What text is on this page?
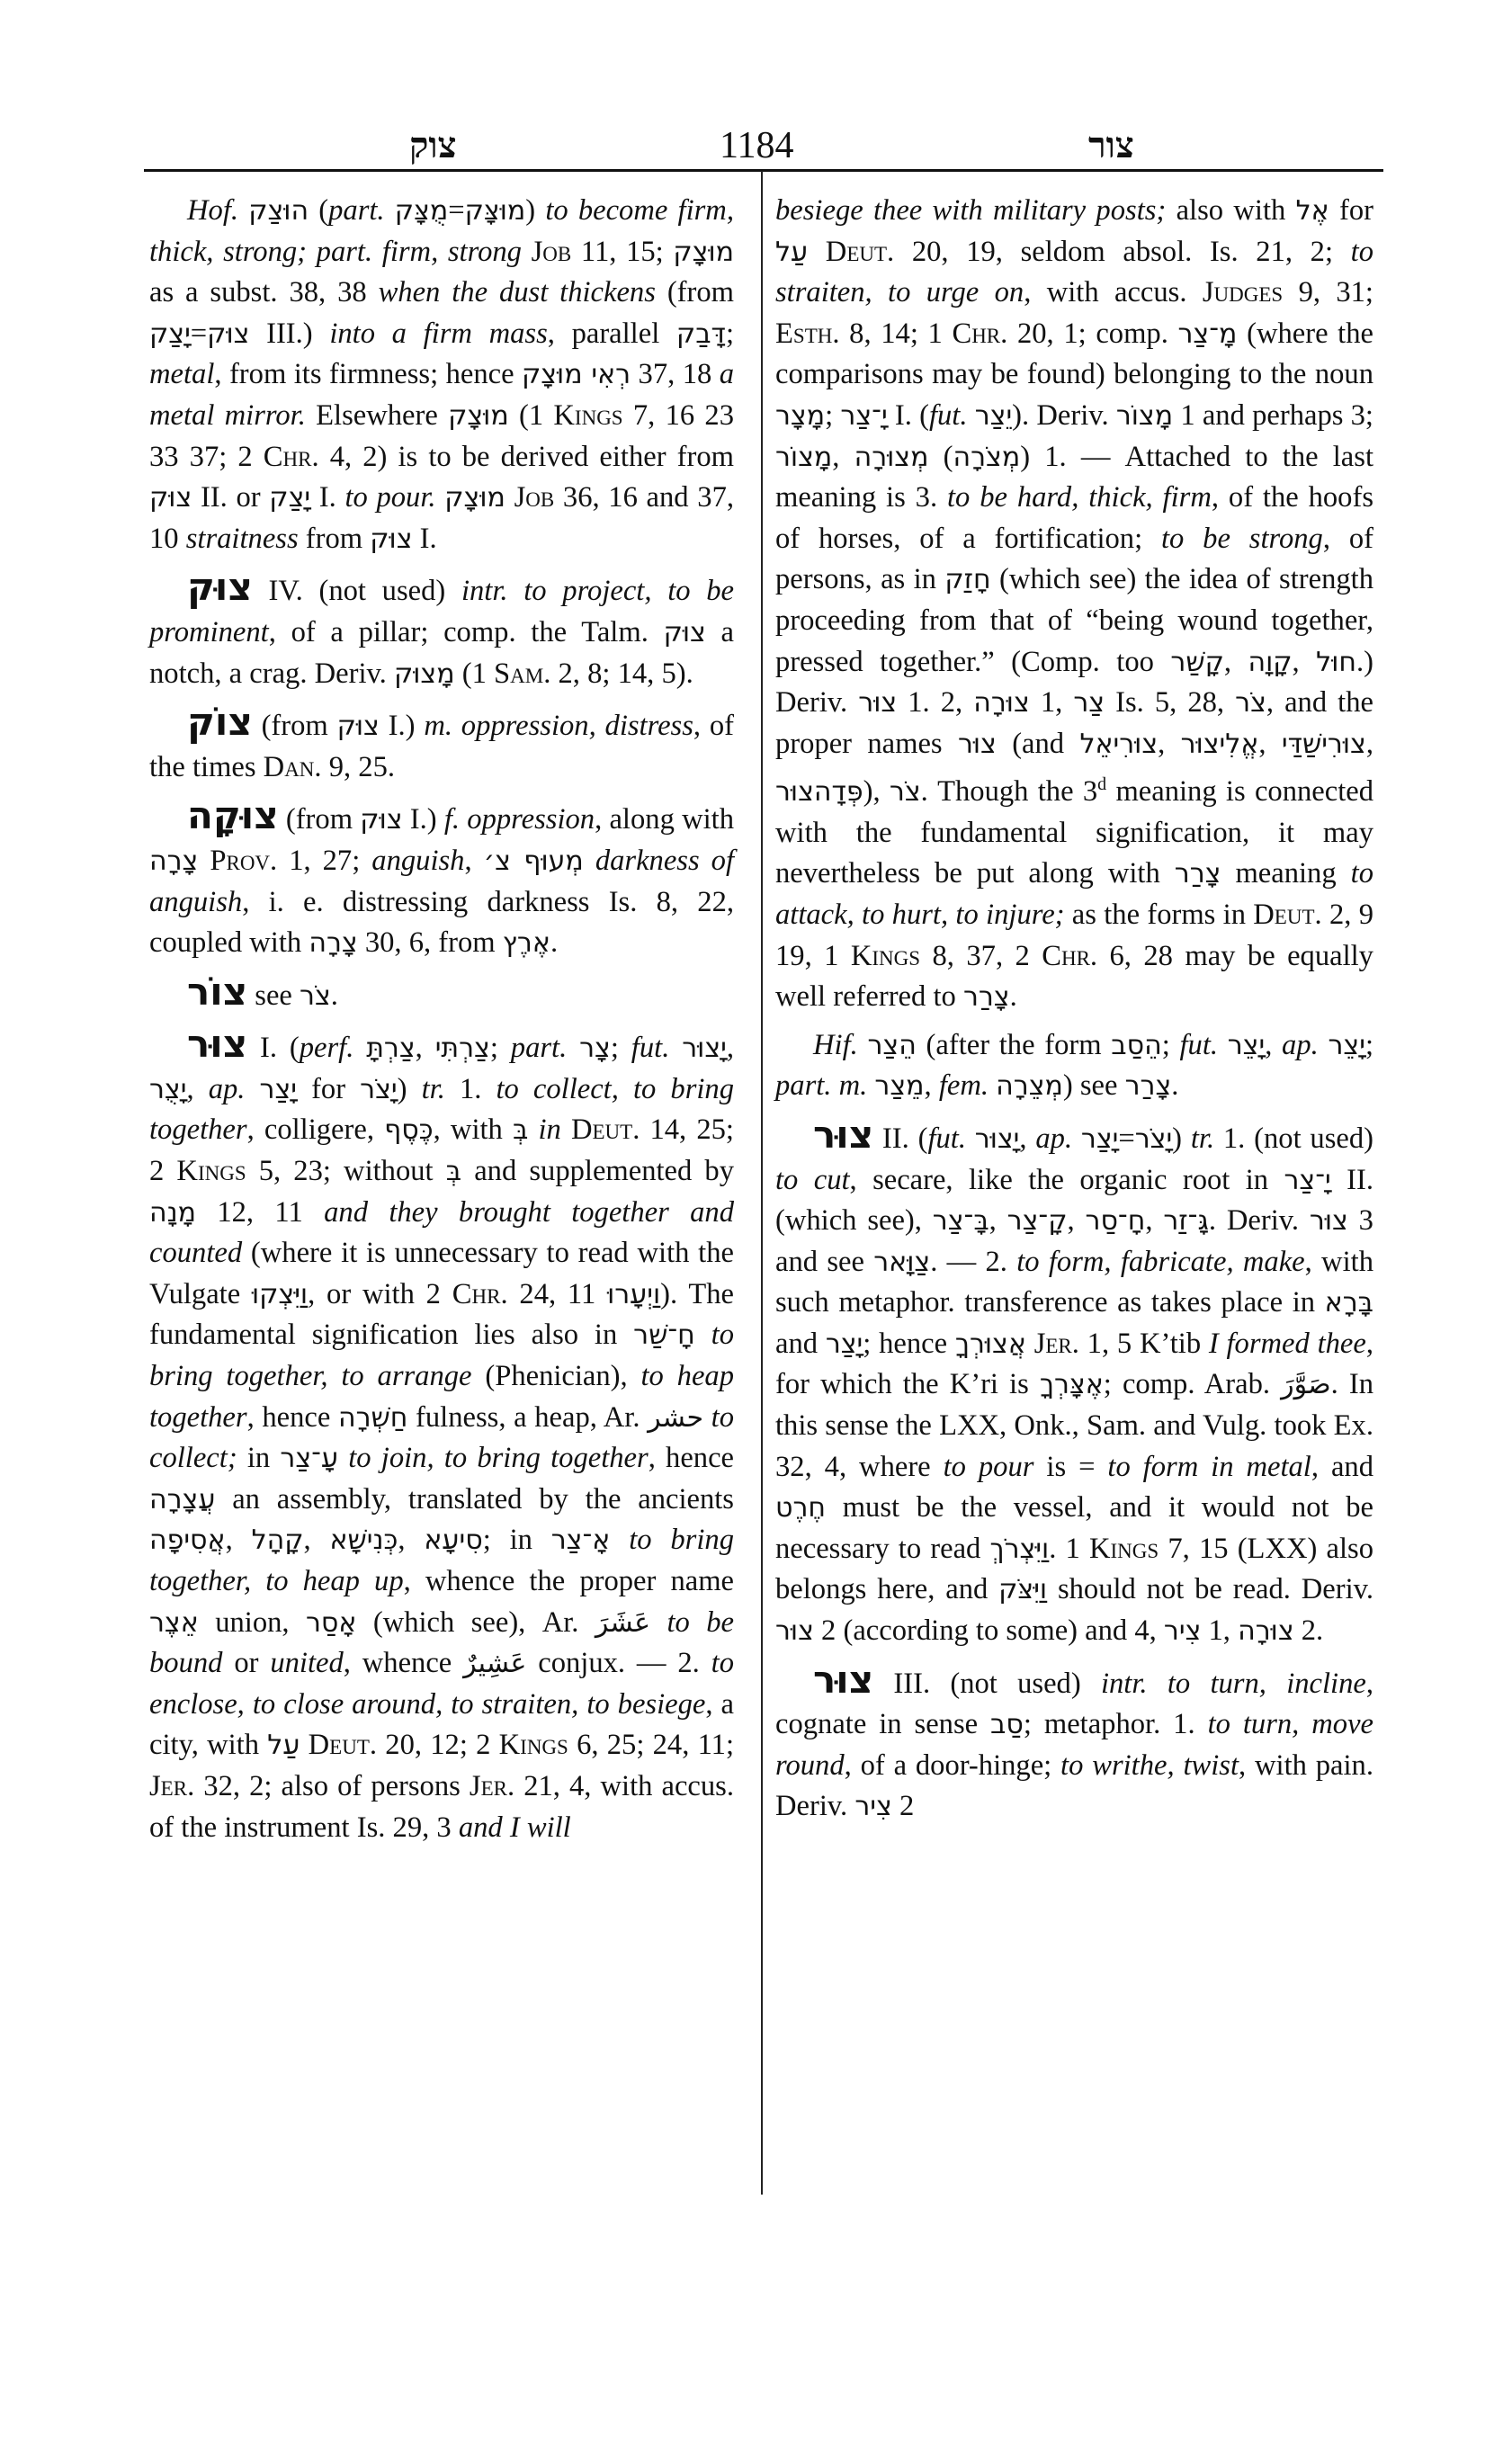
צוק	1184	צור

Hof. הוּצַק (part. מֻצָּק=מוּצָּק) to become firm, thick, strong; part. firm, strong Job 11, 15; מוּצָק as a subst. 38, 38 when the dust thickens (from יָצַק=צוּק III.) into a firm mass, parallel דָּבַק; metal, from its firmness; hence רְאִי מוּצָק 37, 18 a metal mirror. Elsewhere מוּצָק (1 Kings 7, 16 23 33 37; 2 Chr. 4, 2) is to be derived either from צוּק II. or יָצַק I. to pour. מוּצָק Job 36, 16 and 37, 10 straitness from צוּק I.

צוּק IV. (not used) intr. to project, to be prominent, of a pillar; comp. the Talm. צוּק a notch, a crag. Deriv. מָצוּק (1 Sam. 2, 8; 14, 5).

צוֹק (from צוּק I.) m. oppression, distress, of the times Dan. 9, 25.

צוּקָה (from צוּק I.) f. oppression, along with צָרָה Prov. 1, 27; anguish, מְעוּף צ׳ darkness of anguish, i. e. distressing darkness Is. 8, 22, coupled with צָרָה 30, 6, from אֶרֶץ.

צוֹר see צֹר.

צוּר I. (perf. צַרְתָּ, צַרְתִּי; part. צָר; fut. יָצוּר, יָצֻר, ap. יָצַר for יָצֹר) tr. 1. to collect, to bring together, colligere, כֶּסֶף, with בְּ in Deut. 14, 25; 2 Kings 5, 23; without בְּ and supplemented by מָנָה 12, 11 and they brought together and counted (where it is unnecessary to read with the Vulgate וַיִּצְקוּ, or with 2 Chr. 24, 11 וַיְעָרוּ). The fundamental signification lies also in חָ־שַׁר to bring together, to arrange (Phenician), to heap together, hence חַשְׁרָה fulness, a heap, Ar. حشر to collect; in עָ־צַר to join, to bring together, hence עֲצָרָה an assembly, translated by the ancients אֲסִיפָה, קָהָל, כְּנִישָׁא, סִיעָא; in אָ־צַר to bring together, to heap up, whence the proper name אֵצֶר union, אָסַר (which see), Ar. عَشَرَ to be bound or united, whence عَشِيرٌ conjux. — 2. to enclose, to close around, to straiten, to besiege, a city, with עַל Deut. 20, 12; 2 Kings 6, 25; 24, 11; Jer. 32, 2; also of persons Jer. 21, 4, with accus. of the instrument Is. 29, 3 and I will

besiege thee with military posts; also with אֶל for עַל Deut. 20, 19, seldom absol. Is. 21, 2; to straiten, to urge on, with accus. Judges 9, 31; Esth. 8, 14; 1 Chr. 20, 1; comp. מָ־צַר (where the comparisons may be found) belonging to the noun מָצָר; יָ־צַר I. (fut. יֵצַר). Deriv. מָצוֹר 1 and perhaps 3; מָצוֹר, מְצוּרָה (מְצֹרָה) 1. — Attached to the last meaning is 3. to be hard, thick, firm, of the hoofs of horses, of a fortification; to be strong, of persons, as in חָזַק (which see) the idea of strength proceeding from that of “being wound together, pressed together.” (Comp. too קָשַׁר, קָוָה, חוּל.) Deriv. צוּר 1. 2, צוּרָה 1, צַר Is. 5, 28, צֹר, and the proper names צוּר (and צוּרִיאֵל, אֱלִיצוּר, צוּרִישַׁדַּי, פְּדָהצוּר), צֹר. Though the 3$^d$ meaning is connected with the fundamental signification, it may nevertheless be put along with צָרַר meaning to attack, to hurt, to injure; as the forms in Deut. 2, 9 19, 1 Kings 8, 37, 2 Chr. 6, 28 may be equally well referred to צָרַר.

Hif. הֵצַר (after the form הֵסַב; fut. יָצֵר, ap. יָצֵר; part. m. מֵצַר, fem. מְצֵרָה) see צָרַר.

צוּר II. (fut. יָצוּר, ap. יָצַר=יָצֹר) tr. 1. (not used) to cut, secare, like the organic root in יָ־צַר II. (which see), בָּ־צַר, קָ־צַר, חָ־סַר, גָּ־זַר. Deriv. צוּר 3 and see צַוָּאר. — 2. to form, fabricate, make, with such metaphor. transference as takes place in בָּרָא and יָצַר; hence אֲצוּרְךָ Jer. 1, 5 K’tib I formed thee, for which the K’ri is אֶצָּרְךָ; comp. Arab. صَوَّرَ. In this sense the LXX, Onk., Sam. and Vulg. took Ex. 32, 4, where to pour is = to form in metal, and חֶרֶט must be the vessel, and it would not be necessary to read וַיִּצְרֹךְ. 1 Kings 7, 15 (LXX) also belongs here, and וַיִּצֹּק should not be read. Deriv. צוּר 2 (according to some) and 4, צִיר 1, צוּרָה 2.

צוּר III. (not used) intr. to turn, incline, cognate in sense סַב; metaphor. 1. to turn, move round, of a door-hinge; to writhe, twist, with pain. Deriv. צִיר 2
